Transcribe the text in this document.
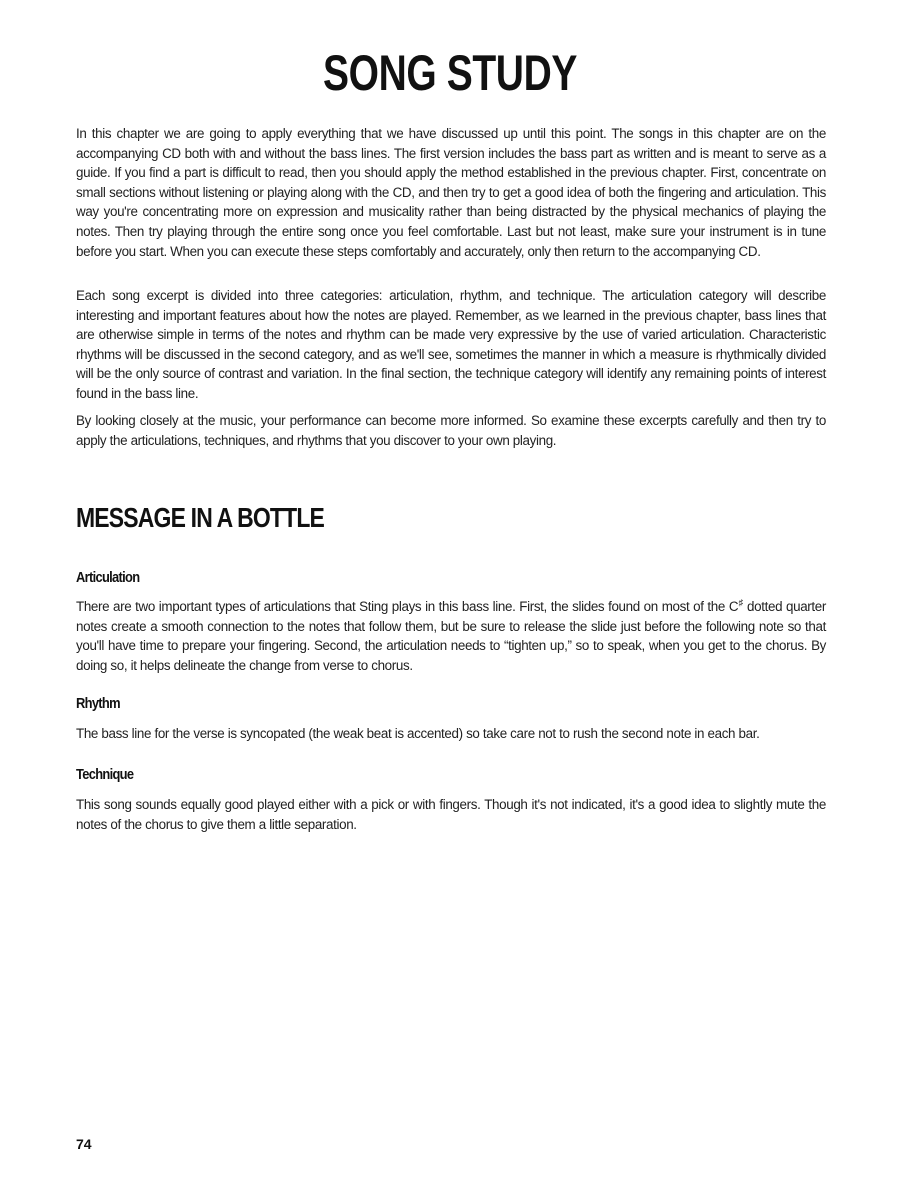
SONG STUDY

In this chapter we are going to apply everything that we have discussed up until this point. The songs in this chapter are on the accompanying CD both with and without the bass lines. The first version includes the bass part as written and is meant to serve as a guide. If you find a part is difficult to read, then you should apply the method established in the previous chapter. First, concentrate on small sections without listening or playing along with the CD, and then try to get a good idea of both the fingering and articulation. This way you're concentrating more on expression and musicality rather than being distracted by the physical mechanics of playing the notes. Then try playing through the entire song once you feel comfortable. Last but not least, make sure your instrument is in tune before you start. When you can execute these steps comfortably and accurately, only then return to the accompanying CD.

Each song excerpt is divided into three categories: articulation, rhythm, and technique. The articulation category will describe interesting and important features about how the notes are played. Remember, as we learned in the previous chapter, bass lines that are otherwise simple in terms of the notes and rhythm can be made very expressive by the use of varied articulation. Characteristic rhythms will be discussed in the second category, and as we'll see, sometimes the manner in which a measure is rhythmically divided will be the only source of contrast and variation. In the final section, the technique category will identify any remaining points of interest found in the bass line.

By looking closely at the music, your performance can become more informed. So examine these excerpts carefully and then try to apply the articulations, techniques, and rhythms that you discover to your own playing.

MESSAGE IN A BOTTLE
Articulation

There are two important types of articulations that Sting plays in this bass line. First, the slides found on most of the C♯ dotted quarter notes create a smooth connection to the notes that follow them, but be sure to release the slide just before the following note so that you'll have time to prepare your fingering. Second, the articulation needs to “tighten up,” so to speak, when you get to the chorus. By doing so, it helps delineate the change from verse to chorus.

Rhythm

The bass line for the verse is syncopated (the weak beat is accented) so take care not to rush the second note in each bar.

Technique

This song sounds equally good played either with a pick or with fingers. Though it's not indicated, it's a good idea to slightly mute the notes of the chorus to give them a little separation.

74
